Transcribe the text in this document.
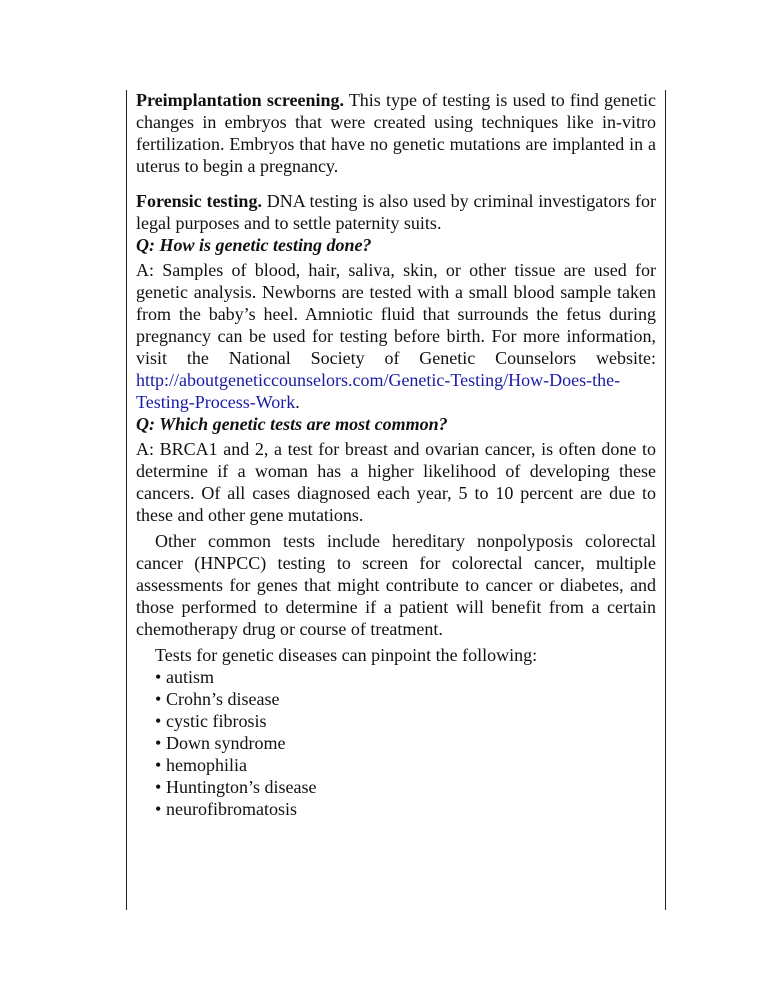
Preimplantation screening. This type of testing is used to find genetic changes in embryos that were created using techniques like in-vitro fertilization. Embryos that have no genetic mutations are implanted in a uterus to begin a pregnancy.

Forensic testing. DNA testing is also used by criminal investigators for legal purposes and to settle paternity suits.

Q: How is genetic testing done?

A: Samples of blood, hair, saliva, skin, or other tissue are used for genetic analysis. Newborns are tested with a small blood sample taken from the baby’s heel. Amniotic fluid that surrounds the fetus during pregnancy can be used for testing before birth. For more information, visit the National Society of Genetic Counselors website: http://aboutgeneticcounselors.com/Genetic-Testing/How-Does-the-Testing-Process-Work.

Q: Which genetic tests are most common?

A: BRCA1 and 2, a test for breast and ovarian cancer, is often done to determine if a woman has a higher likelihood of developing these cancers. Of all cases diagnosed each year, 5 to 10 percent are due to these and other gene mutations.

Other common tests include hereditary nonpolyposis colorectal cancer (HNPCC) testing to screen for colorectal cancer, multiple assessments for genes that might contribute to cancer or diabetes, and those performed to determine if a patient will benefit from a certain chemotherapy drug or course of treatment.

Tests for genetic diseases can pinpoint the following:

• autism
• Crohn’s disease
• cystic fibrosis
• Down syndrome
• hemophilia
• Huntington’s disease
• neurofibromatosis
